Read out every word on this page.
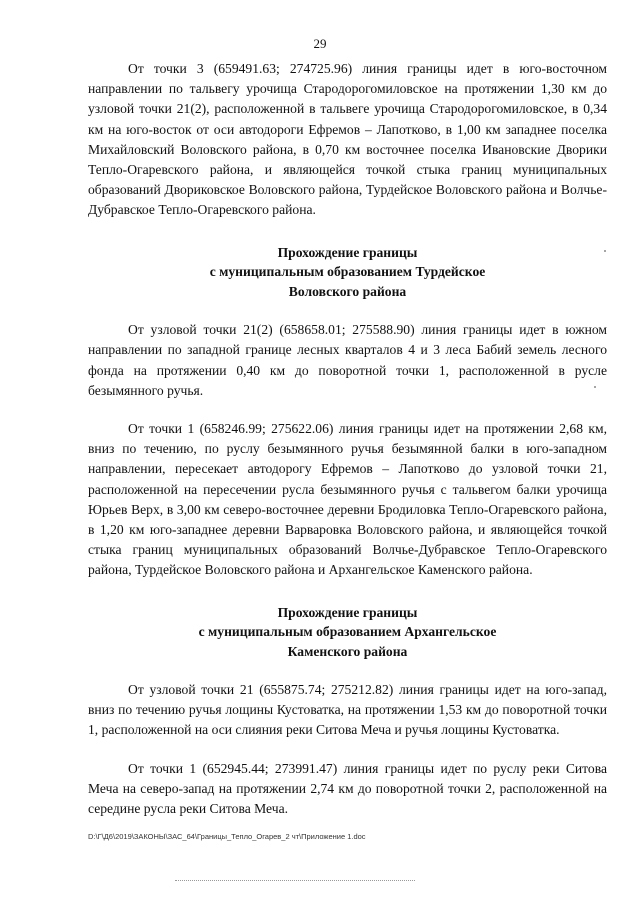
29

От точки 3 (659491.63; 274725.96) линия границы идет в юго-восточном направлении по тальвегу урочища Стародорогомиловское на протяжении 1,30 км до узловой точки 21(2), расположенной в тальвеге урочища Стародорогомиловское, в 0,34 км на юго-восток от оси автодороги Ефремов – Лапотково, в 1,00 км западнее поселка Михайловский Воловского района, в 0,70 км восточнее поселка Ивановские Дворики Тепло-Огаревского района, и являющейся точкой стыка границ муниципальных образований Двориковское Воловского района, Турдейское Воловского района и Волчье-Дубравское Тепло-Огаревского района.

Прохождение границы
с муниципальным образованием Турдейское
Воловского района

От узловой точки 21(2) (658658.01; 275588.90) линия границы идет в южном направлении по западной границе лесных кварталов 4 и 3 леса Бабий земель лесного фонда на протяжении 0,40 км до поворотной точки 1, расположенной в русле безымянного ручья.

От точки 1 (658246.99; 275622.06) линия границы идет на протяжении 2,68 км, вниз по течению, по руслу безымянного ручья безымянной балки в юго-западном направлении, пересекает автодорогу Ефремов – Лапотково до узловой точки 21, расположенной на пересечении русла безымянного ручья с тальвегом балки урочища Юрьев Верх, в 3,00 км северо-восточнее деревни Бродиловка Тепло-Огаревского района, в 1,20 км юго-западнее деревни Варваровка Воловского района, и являющейся точкой стыка границ муниципальных образований Волчье-Дубравское Тепло-Огаревского района, Турдейское Воловского района и Архангельское Каменского района.

Прохождение границы
с муниципальным образованием Архангельское
Каменского района

От узловой точки 21 (655875.74; 275212.82) линия границы идет на юго-запад, вниз по течению ручья лощины Кустоватка, на протяжении 1,53 км до поворотной точки 1, расположенной на оси слияния реки Ситова Меча и ручья лощины Кустоватка.

От точки 1 (652945.44; 273991.47) линия границы идет по руслу реки Ситова Меча на северо-запад на протяжении 2,74 км до поворотной точки 2, расположенной на середине русла реки Ситова Меча.

D:\Г\Д6\2019\ЗАКОНЫ\ЗАС_64\Границы_Тепло_Огарев_2 чт\Приложение 1.doc
